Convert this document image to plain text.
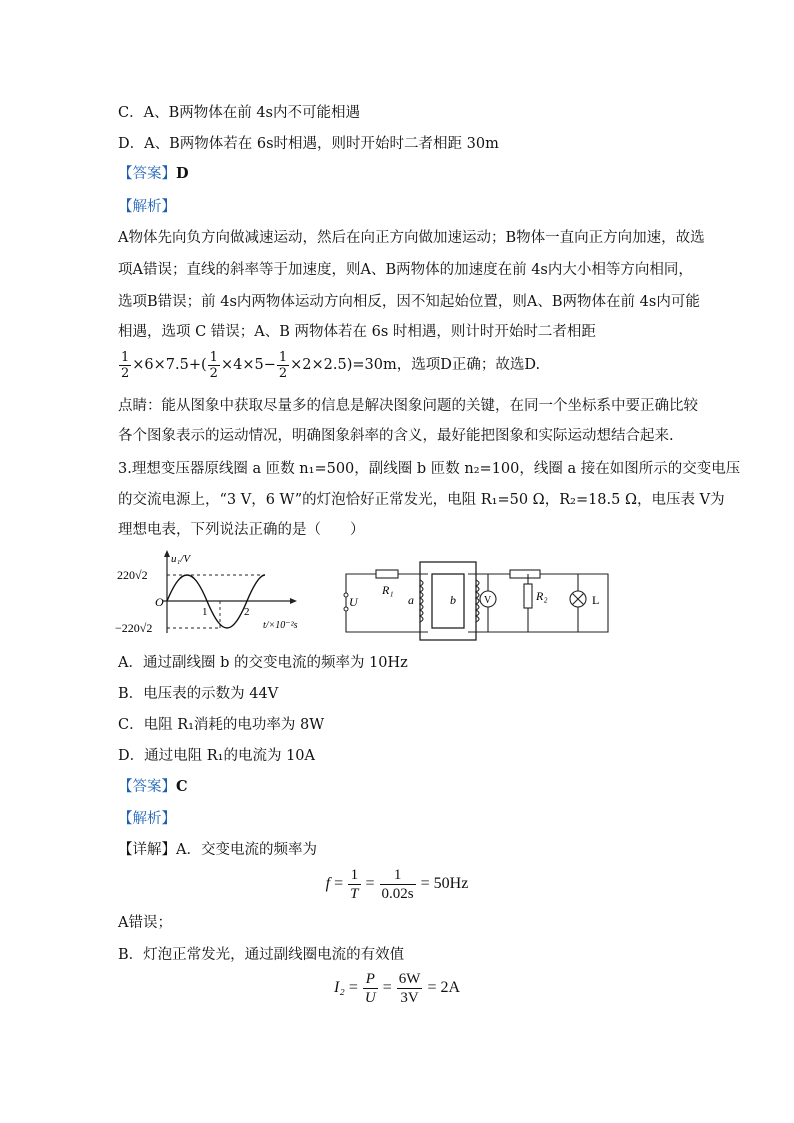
C．A、B两物体在前 4s内不可能相遇
D．A、B两物体若在 6s时相遇，则时开始时二者相距 30m
【答案】D
【解析】
A物体先向负方向做减速运动，然后在向正方向做加速运动；B物体一直向正方向加速，故选
项A错误；直线的斜率等于加速度，则A、B两物体的加速度在前 4s内大小相等方向相同，
选项B错误；前 4s内两物体运动方向相反，因不知起始位置，则A、B两物体在前 4s内可能
相遇，选项 C 错误；A、B 两物体若在 6s 时相遇，则计时开始时二者相距
$\frac{1}{2} \times 6\times 7.5+( \frac{1}{2} \times 4\times 5- \frac{1}{2} \times 2\times 2.5)=30m$，选项D正确；故选D.
点睛：能从图象中获取尽量多的信息是解决图象问题的关键，在同一个坐标系中要正确比较
各个图象表示的运动情况，明确图象斜率的含义，最好能把图象和实际运动想结合起来.
3.理想变压器原线圈 a 匝数 n₁=500，副线圈 b 匝数 n₂=100，线圈 a 接在如图所示的交变电压
的交流电源上，“3 V，6 W”的灯泡恰好正常发光，电阻 R₁=50 Ω，R₂=18.5 Ω，电压表 V为
理想电表，下列说法正确的是（　　）
u₁/V
220√2
−220√2
O
1	2
t/×10⁻²s
U
R₁
a	b	V	R₂	L
A．通过副线圈 b 的交变电流的频率为 10Hz
B．电压表的示数为 44V
C．电阻 R₁消耗的电功率为 8W
D．通过电阻 R₁的电流为 10A
【答案】C
【解析】
【详解】A．交变电流的频率为
$f = \frac{1}{T} = \frac{1}{0.02s} = 50Hz$
A错误；
B．灯泡正常发光，通过副线圈电流的有效值
$I_2 = \frac{P}{U} = \frac{6W}{3V} = 2A$
